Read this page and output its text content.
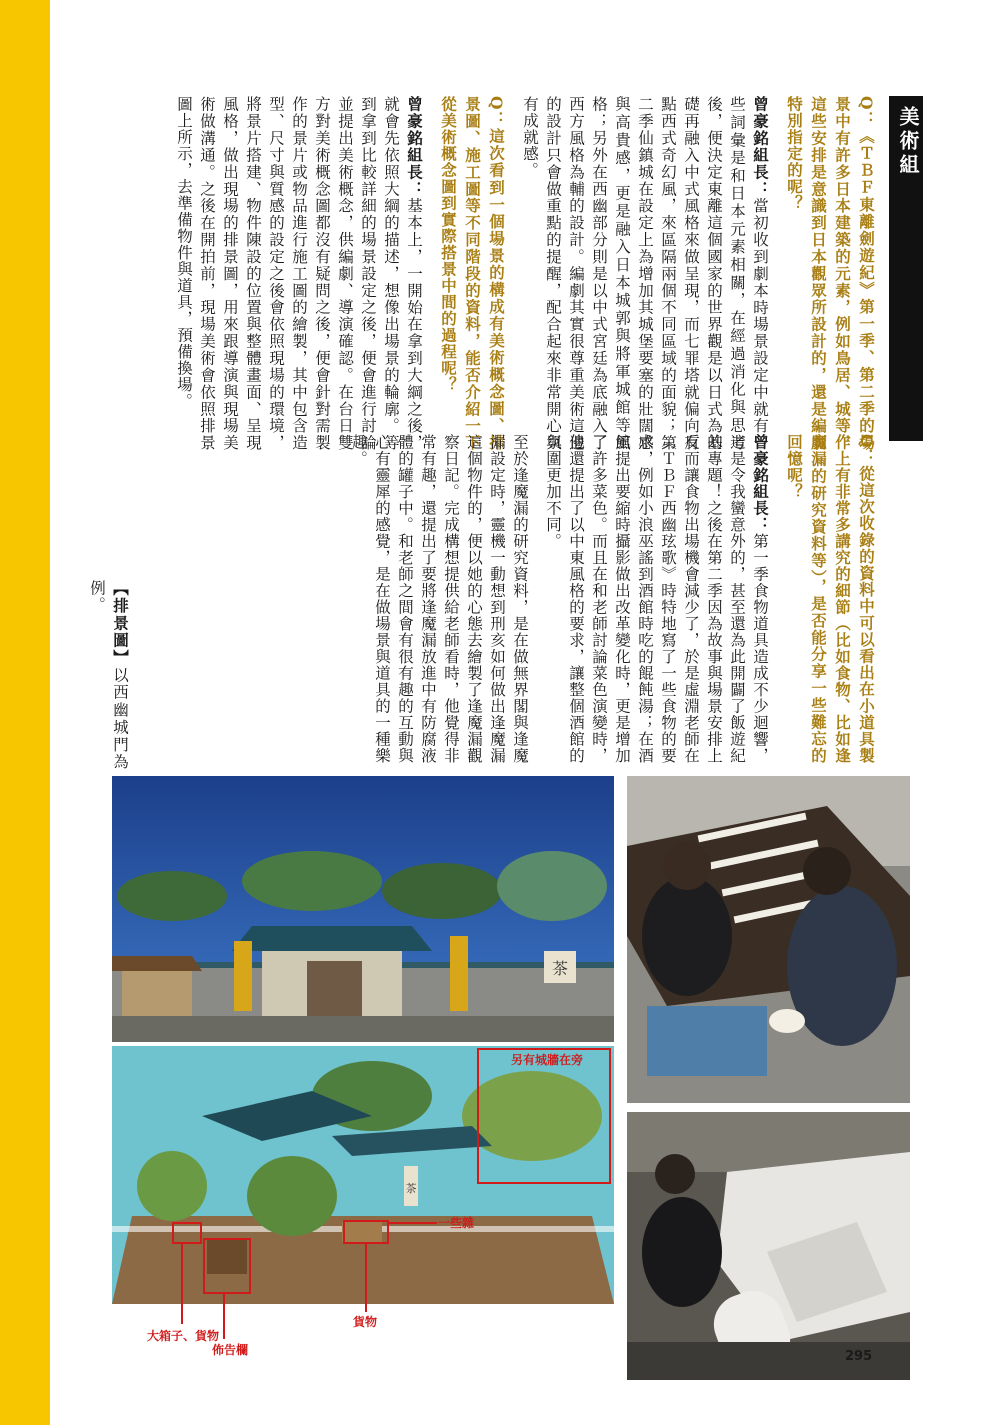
美術組

Q：《ＴＢＦ東離劍遊紀》第一季、第二季的場景中有許多日本建築的元素，例如鳥居、城等，這些安排是意識到日本觀眾所設計的，還是編劇特別指定的呢？

曾豪銘組長：當初收到劇本時場景設定中就有一些詞彙是和日本元素相關，在經過消化與思考後，便決定東離這個國家的世界觀是以日式為基礎再融入中式風格來做呈現，而七罪塔就偏向有點西式奇幻風，來區隔兩個不同區域的面貌；第二季仙鎮城在設定上為增加其城堡要塞的壯闊感與高貴感，更是融入日本城郭與將軍城館等風格；另外在西幽部分則是以中式宮廷為底融入了西方風格為輔的設計。編劇其實很尊重美術這邊的設計只會做重點的提醒，配合起來非常開心與有成就感。

Q：這次看到一個場景的構成有美術概念圖、排景圖、施工圖等不同階段的資料，能否介紹一下從美術概念圖到實際搭景中間的過程呢？

曾豪銘組長：基本上，一開始在拿到大綱之後，就會先依照大綱的描述，想像出場景的輪廓。等到拿到比較詳細的場景設定之後，便會進行討論並提出美術概念，供編劇、導演確認。在台日雙方對美術概念圖都沒有疑問之後，便會針對需製作的景片或物品進行施工圖的繪製，其中包含造型、尺寸與質感的設定之後會依照現場的環境，將景片搭建、物件陳設的位置與整體畫面、呈現風格，做出現場的排景圖，用來跟導演與現場美術做溝通。之後在開拍前，現場美術會依照排景圖上所示，去準備物件與道具，預備換場。

Q：從這次收錄的資料中可以看出在小道具製作上有非常多講究的細節（比如食物、比如逢魔漏的研究資料等），是否能分享一些難忘的回憶呢？

曾豪銘組長：第一季食物道具造成不少迴響，這是令我蠻意外的，甚至還為此開闢了飯遊紀的專題！之後在第二季因為故事與場景安排上反而讓食物出場機會減少了，於是虛淵老師在《ＴＢＦ西幽玹歌》時特地寫了一些食物的要求，例如小浪巫謠到酒館時吃的餛飩湯；在酒館提出要縮時攝影做出改革變化時，更是增加了許多菜色。而且在和老師討論菜色演變時，他還提出了以中東風格的要求，讓整個酒館的氛圍更加不同。

至於逢魔漏的研究資料，是在做無界閣與逢魔漏設定時，靈機一動想到刑亥如何做出逢魔漏這個物件的，便以她的心態去繪製了逢魔漏觀察日記。完成構想提供給老師看時，他覺得非常有趣，還提出了要將逢魔漏放進中有防腐液體的罐子中。和老師之間會有很有趣的互動與心有靈犀的感覺，是在做場景與道具的一種樂趣。

【排景圖】以西幽城門為例。

茶
茶
另有城牆在旁
一些雜
大箱子、貨物
貨物
佈告欄	295
